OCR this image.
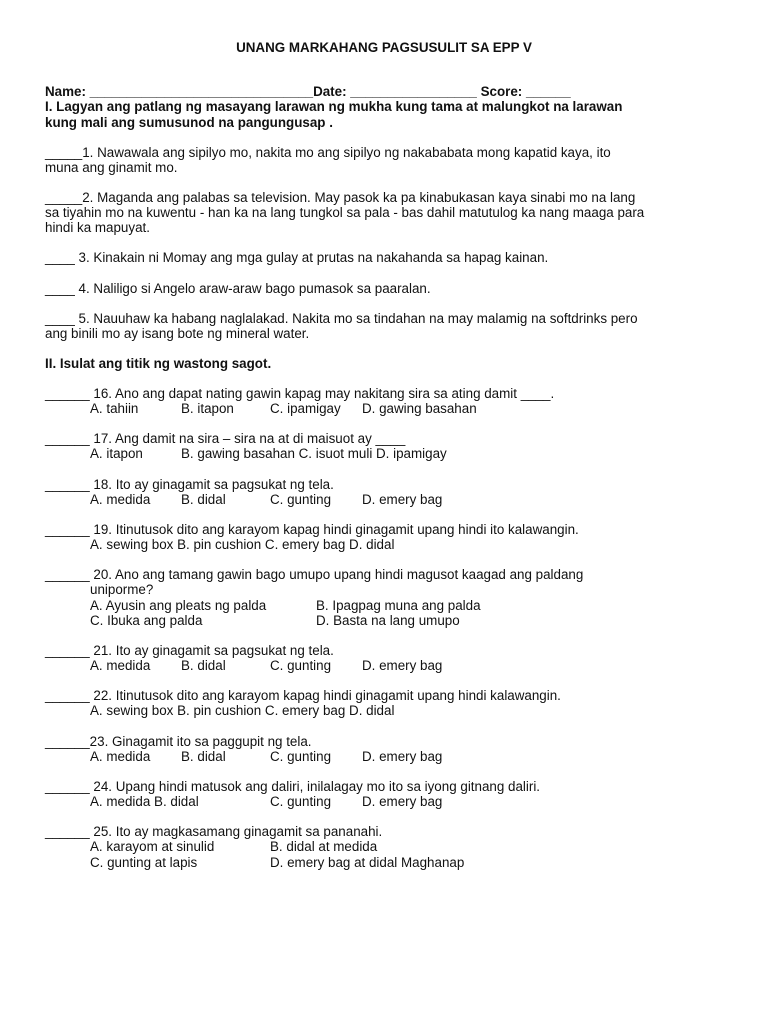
UNANG MARKAHANG PAGSUSULIT SA EPP V

Name: ______________________________Date: _________________ Score: ______

I. Lagyan ang patlang ng masayang larawan ng mukha kung tama at malungkot na larawan

kung mali ang sumusunod na pangungusap .

_____1. Nawawala ang sipilyo mo, nakita mo ang sipilyo ng nakababata mong kapatid kaya, ito

muna ang ginamit mo.

_____2. Maganda ang palabas sa television. May pasok ka pa kinabukasan kaya sinabi mo na lang

sa tiyahin mo na kuwentu - han ka na lang tungkol sa pala - bas dahil matutulog ka nang maaga para

hindi ka mapuyat.

____ 3. Kinakain ni Momay ang mga gulay at prutas na nakahanda sa hapag kainan.

____ 4. Naliligo si Angelo araw-araw bago pumasok sa paaralan.

____ 5. Nauuhaw ka habang naglalakad. Nakita mo sa tindahan na may malamig na softdrinks pero

ang binili mo ay isang bote ng mineral water.

II. Isulat ang titik ng wastong sagot.

______ 16. Ano ang dapat nating gawin kapag may nakitang sira sa ating damit ____.

A. tahiin	B. itapon	C. ipamigay D. gawing basahan

______ 17. Ang damit na sira – sira na at di maisuot ay ____

A. itapon	B. gawing basahan C. isuot muli D. ipamigay

______ 18. Ito ay ginagamit sa pagsukat ng tela.

A. medida B. didal	C. gunting D. emery bag

______ 19. Itinutusok dito ang karayom kapag hindi ginagamit upang hindi ito kalawangin.

A. sewing box B. pin cushion C. emery bag D. didal

______ 20. Ano ang tamang gawin bago umupo upang hindi magusot kaagad ang paldang

uniporme?
A. Ayusin ang pleats ng palda	B. Ipagpag muna ang palda
C. Ibuka ang palda	D. Basta na lang umupo

______ 21. Ito ay ginagamit sa pagsukat ng tela.

A. medida B. didal	C. gunting D. emery bag

______ 22. Itinutusok dito ang karayom kapag hindi ginagamit upang hindi kalawangin.

A. sewing box B. pin cushion C. emery bag D. didal

______23. Ginagamit ito sa paggupit ng tela.

A. medida B. didal	C. gunting D. emery bag

______ 24. Upang hindi matusok ang daliri, inilalagay mo ito sa iyong gitnang daliri.

A. medida B. didal	C. gunting D. emery bag

______ 25. Ito ay magkasamang ginagamit sa pananahi.

A. karayom at sinulid	B. didal at medida
C. gunting at lapis	D. emery bag at didal Maghanap
